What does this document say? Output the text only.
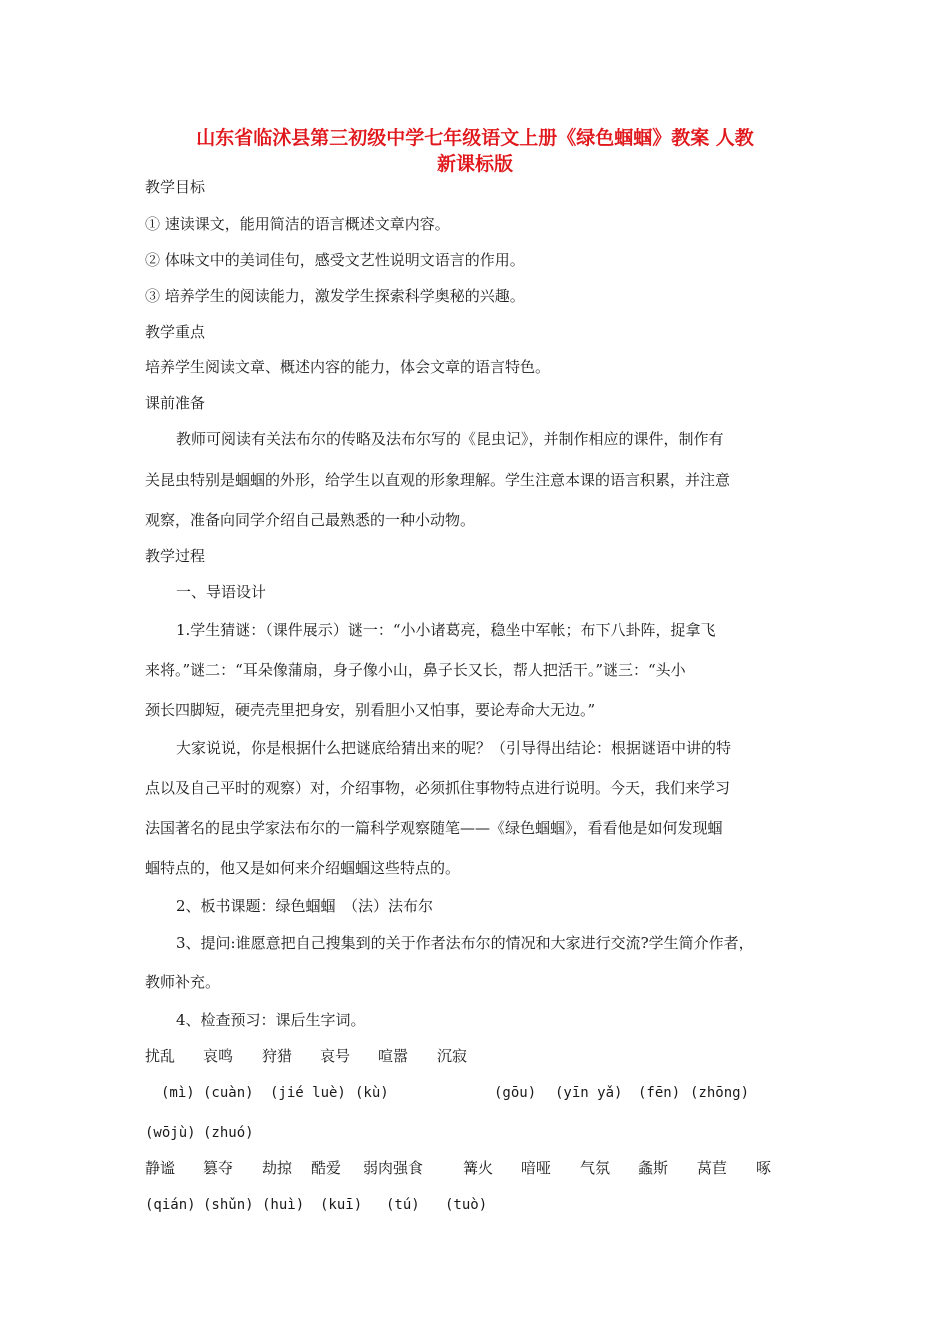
山东省临沭县第三初级中学七年级语文上册《绿色蝈蝈》教案 人教
新课标版
教学目标
① 速读课文，能用简洁的语言概述文章内容。
② 体味文中的美词佳句，感受文艺性说明文语言的作用。
③ 培养学生的阅读能力，激发学生探索科学奥秘的兴趣。
教学重点
培养学生阅读文章、概述内容的能力，体会文章的语言特色。
课前准备
教师可阅读有关法布尔的传略及法布尔写的《昆虫记》，并制作相应的课件，制作有
关昆虫特别是蝈蝈的外形，给学生以直观的形象理解。学生注意本课的语言积累，并注意
观察，准备向同学介绍自己最熟悉的一种小动物。
教学过程
一、导语设计
1.学生猜谜：（课件展示）谜一：“小小诸葛亮，稳坐中军帐；布下八卦阵，捉拿飞
来将。”谜二：“耳朵像蒲扇，身子像小山，鼻子长又长，帮人把活干。”谜三：“头小
颈长四脚短，硬壳壳里把身安，别看胆小又怕事，要论寿命大无边。”
大家说说，你是根据什么把谜底给猜出来的呢？（引导得出结论：根据谜语中讲的特
点以及自己平时的观察）对，介绍事物，必须抓住事物特点进行说明。今天，我们来学习
法国著名的昆虫学家法布尔的一篇科学观察随笔——《绿色蝈蝈》，看看他是如何发现蝈
蝈特点的，他又是如何来介绍蝈蝈这些特点的。
2、板书课题：绿色蝈蝈　（法）法布尔
3、提问:谁愿意把自己搜集到的关于作者法布尔的情况和大家进行交流?学生简介作者，
教师补充。
4、检查预习：课后生字词。
扰乱 哀鸣 狩猎 哀号 喧嚣 沉寂
(mì) (cuàn) (jié luè) (kù)	(gōu) (yīn yǎ) (fēn) (zhōng)
(wōjù) (zhuó)
静谧 篡夺 劫掠 酷爱 弱肉强食	篝火 喑哑 气氛 螽斯 莴苣 啄
(qián) (shǔn) (huì) (kuī) (tú) (tuò)
